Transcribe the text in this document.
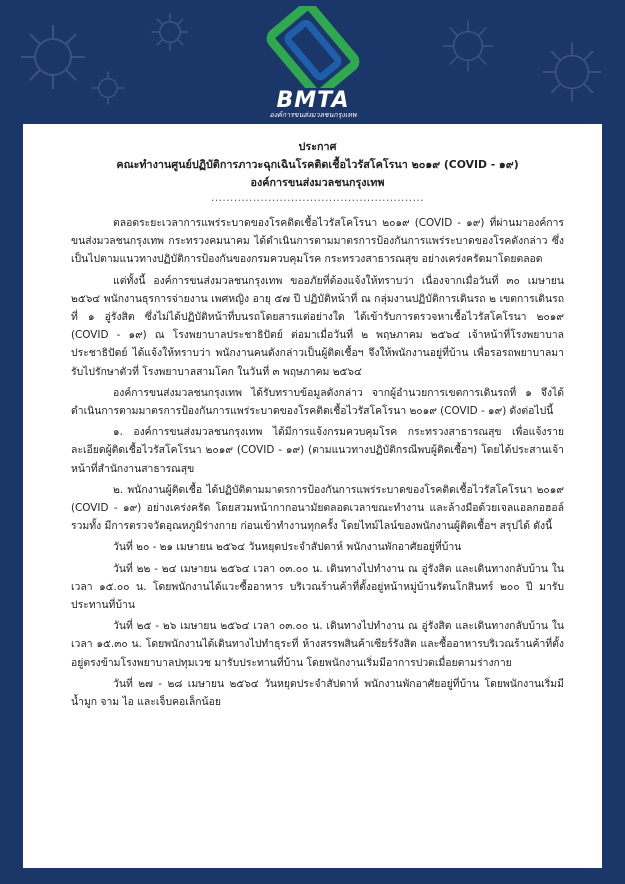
BMTA
องค์การขนส่งมวลชนกรุงเทพ
ประกาศ
คณะทำงานศูนย์ปฏิบัติการภาวะฉุกเฉินโรคติดเชื้อไวรัสโคโรนา ๒๐๑๙ (COVID - ๑๙)
องค์การขนส่งมวลชนกรุงเทพ
........................................................

ตลอดระยะเวลาการแพร่ระบาดของโรคติดเชื้อไวรัสโคโรนา ๒๐๑๙ (COVID - ๑๙) ที่ผ่านมาองค์การขนส่งมวลชนกรุงเทพ กระทรวงคมนาคม ได้ดำเนินการตามมาตรการป้องกันการแพร่ระบาดของโรคดังกล่าว ซึ่งเป็นไปตามแนวทางปฏิบัติการป้องกันของกรมควบคุมโรค กระทรวงสาธารณสุข อย่างเคร่งครัดมาโดยตลอด

แต่ทั้งนี้ องค์การขนส่งมวลชนกรุงเทพ ขออภัยที่ต้องแจ้งให้ทราบว่า เนื่องจากเมื่อวันที่ ๓๐ เมษายน ๒๕๖๔ พนักงานธุรการจ่ายงาน เพศหญิง อายุ ๕๗ ปี ปฏิบัติหน้าที่ ณ กลุ่มงานปฏิบัติการเดินรถ ๒ เขตการเดินรถที่ ๑ อู่รังสิต ซึ่งไม่ได้ปฏิบัติหน้าที่บนรถโดยสารแต่อย่างใด ได้เข้ารับการตรวจหาเชื้อไวรัสโคโรนา ๒๐๑๙ (COVID - ๑๙) ณ โรงพยาบาลประชาธิปัตย์ ต่อมาเมื่อวันที่ ๒ พฤษภาคม ๒๕๖๔ เจ้าหน้าที่โรงพยาบาลประชาธิปัตย์ ได้แจ้งให้ทราบว่า พนักงานคนดังกล่าวเป็นผู้ติดเชื้อฯ จึงให้พนักงานอยู่ที่บ้าน เพื่อรอรถพยาบาลมารับไปรักษาตัวที่ โรงพยาบาลสามโคก ในวันที่ ๓ พฤษภาคม ๒๕๖๔

องค์การขนส่งมวลชนกรุงเทพ ได้รับทราบข้อมูลดังกล่าว จากผู้อำนวยการเขตการเดินรถที่ ๑ จึงได้ดำเนินการตามมาตรการป้องกันการแพร่ระบาดของโรคติดเชื้อไวรัสโคโรนา ๒๐๑๙ (COVID - ๑๙) ดังต่อไปนี้

๑. องค์การขนส่งมวลชนกรุงเทพ ได้มีการแจ้งกรมควบคุมโรค กระทรวงสาธารณสุข เพื่อแจ้งรายละเอียดผู้ติดเชื้อไวรัสโคโรนา ๒๐๑๙ (COVID - ๑๙) (ตามแนวทางปฏิบัติกรณีพบผู้ติดเชื้อฯ) โดยได้ประสานเจ้าหน้าที่สำนักงานสาธารณสุข

๒. พนักงานผู้ติดเชื้อ ได้ปฏิบัติตามมาตรการป้องกันการแพร่ระบาดของโรคติดเชื้อไวรัสโคโรนา ๒๐๑๙ (COVID - ๑๙) อย่างเคร่งครัด โดยสวมหน้ากากอนามัยตลอดเวลาขณะทำงาน และล้างมือด้วยเจลแอลกอฮอล์ รวมทั้ง มีการตรวจวัดอุณหภูมิร่างกาย ก่อนเข้าทำงานทุกครั้ง โดยไทม์ไลน์ของพนักงานผู้ติดเชื้อฯ สรุปได้ ดังนี้

วันที่ ๒๐ - ๒๑ เมษายน ๒๕๖๔ วันหยุดประจำสัปดาห์ พนักงานพักอาศัยอยู่ที่บ้าน

วันที่ ๒๒ - ๒๔ เมษายน ๒๕๖๔ เวลา ๐๓.๐๐ น. เดินทางไปทำงาน ณ อู่รังสิต และเดินทางกลับบ้าน ในเวลา ๑๕.๐๐ น. โดยพนักงานได้แวะซื้ออาหาร บริเวณร้านค้าที่ตั้งอยู่หน้าหมู่บ้านรัตนโกสินทร์ ๒๐๐ ปี มารับประทานที่บ้าน

วันที่ ๒๕ - ๒๖ เมษายน ๒๕๖๔ เวลา ๐๓.๐๐ น. เดินทางไปทำงาน ณ อู่รังสิต และเดินทางกลับบ้าน ในเวลา ๑๕.๓๐ น. โดยพนักงานได้เดินทางไปทำธุระที่ ห้างสรรพสินค้าเซียร์รังสิต และซื้ออาหารบริเวณร้านค้าที่ตั้งอยู่ตรงข้ามโรงพยาบาลปทุมเวช มารับประทานที่บ้าน โดยพนักงานเริ่มมีอาการปวดเมื่อยตามร่างกาย

วันที่ ๒๗ - ๒๘ เมษายน ๒๕๖๔ วันหยุดประจำสัปดาห์ พนักงานพักอาศัยอยู่ที่บ้าน โดยพนักงานเริ่มมีน้ำมูก จาม ไอ และเจ็บคอเล็กน้อย
